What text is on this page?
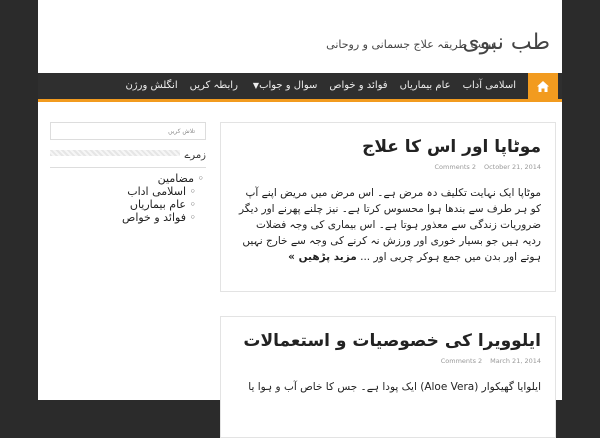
طب نبوی
سنت طریقہ علاج جسمانی و روحانی
اسلامی آداب
عام بیماریاں
فوائد و خواص
سوال و جواب▼
رابطہ کریں
انگلش ورژن
تلاش کریں
زمرے
◦ مضامین
◦ اسلامی اداب
◦ عام بیماریاں
◦ فوائد و خواص
موٹاپا اور اس کا علاج
Comments 2 October 21, 2014
موٹاپا ایک نہایت تکلیف دہ مرض ہے۔ اس مرض میں مریض اپنے آپ کو ہر طرف سے بندھا ہوا محسوس کرتا ہے۔ نیز چلنے پھرنے اور دیگر ضروریات زندگی سے معذور ہوتا ہے۔ اس بیماری کی وجہ فضلات ردیہ ہیں جو بسیار خوری اور ورزش نہ کرنے کی وجہ سے خارج نہیں ہوتے اور بدن میں جمع ہوکر چربی اور ... مزید پڑھیں »
ایلوویرا کی خصوصیات و استعمالات
Comments 2 March 21, 2014
ایلوایا گھیکوار (Aloe Vera) ایک پودا ہے۔ جس کا خاص آب و ہوا یا
